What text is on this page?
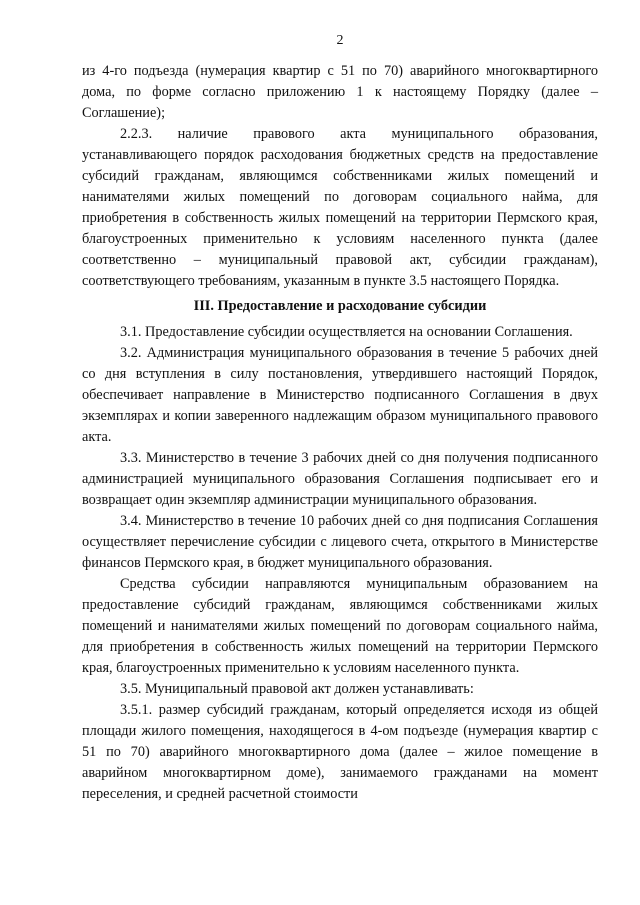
2

из 4-го подъезда (нумерация квартир с 51 по 70) аварийного многоквартирного дома, по форме согласно приложению 1 к настоящему Порядку (далее – Соглашение);

2.2.3. наличие правового акта муниципального образования, устанавливающего порядок расходования бюджетных средств на предоставление субсидий гражданам, являющимся собственниками жилых помещений и нанимателями жилых помещений по договорам социального найма, для приобретения в собственность жилых помещений на территории Пермского края, благоустроенных применительно к условиям населенного пункта (далее соответственно – муниципальный правовой акт, субсидии гражданам), соответствующего требованиям, указанным в пункте 3.5 настоящего Порядка.

III. Предоставление и расходование субсидии

3.1. Предоставление субсидии осуществляется на основании Соглашения.

3.2. Администрация муниципального образования в течение 5 рабочих дней со дня вступления в силу постановления, утвердившего настоящий Порядок, обеспечивает направление в Министерство подписанного Соглашения в двух экземплярах и копии заверенного надлежащим образом муниципального правового акта.

3.3. Министерство в течение 3 рабочих дней со дня получения подписанного администрацией муниципального образования Соглашения подписывает его и возвращает один экземпляр администрации муниципального образования.

3.4. Министерство в течение 10 рабочих дней со дня подписания Соглашения осуществляет перечисление субсидии с лицевого счета, открытого в Министерстве финансов Пермского края, в бюджет муниципального образования.

Средства субсидии направляются муниципальным образованием на предоставление субсидий гражданам, являющимся собственниками жилых помещений и нанимателями жилых помещений по договорам социального найма, для приобретения в собственность жилых помещений на территории Пермского края, благоустроенных применительно к условиям населенного пункта.

3.5. Муниципальный правовой акт должен устанавливать:

3.5.1. размер субсидий гражданам, который определяется исходя из общей площади жилого помещения, находящегося в 4-ом подъезде (нумерация квартир с 51 по 70) аварийного многоквартирного дома (далее – жилое помещение в аварийном многоквартирном доме), занимаемого гражданами на момент переселения, и средней расчетной стоимости
